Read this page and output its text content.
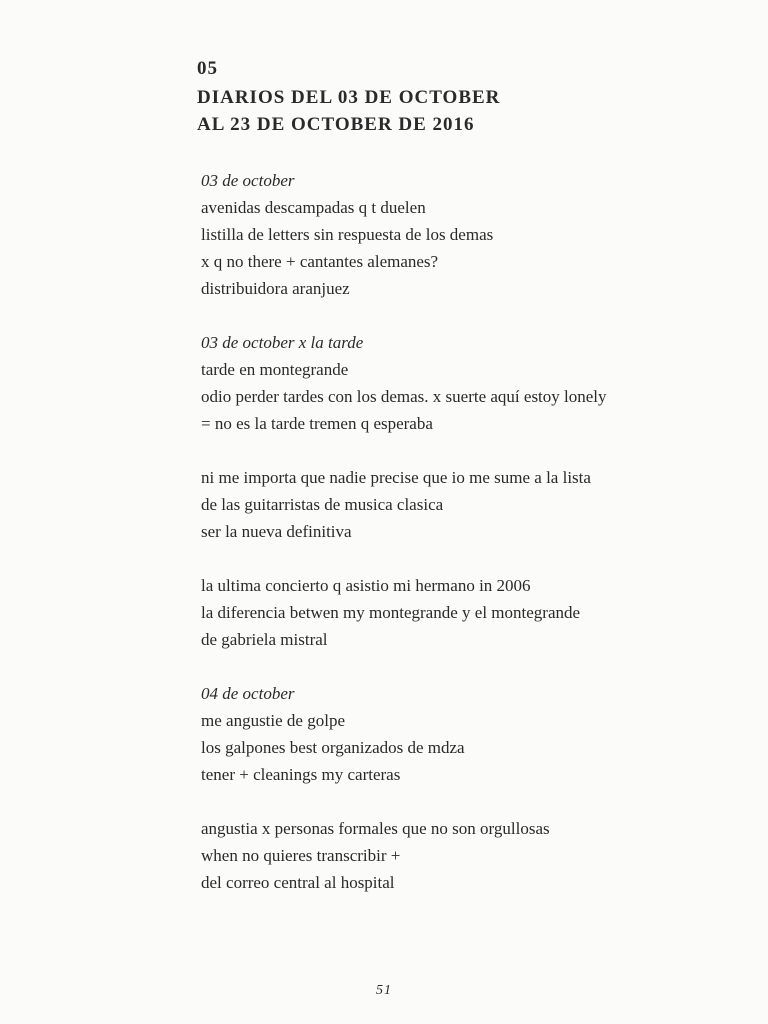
05
DIARIOS DEL 03 DE OCTOBER
AL 23 DE OCTOBER DE 2016
03 de october
avenidas descampadas q t duelen
listilla de letters sin respuesta de los demas
x q no there + cantantes alemanes?
distribuidora aranjuez
03 de october x la tarde
tarde en montegrande
odio perder tardes con los demas. x suerte aquí estoy lonely
= no es la tarde tremen q esperaba
ni me importa que nadie precise que io me sume a la lista
de las guitarristas de musica clasica
ser la nueva definitiva
la ultima concierto q asistio mi hermano in 2006
la diferencia betwen my montegrande y el montegrande
de gabriela mistral
04 de october
me angustie de golpe
los galpones best organizados de mdza
tener + cleanings my carteras
angustia x personas formales que no son orgullosas
when no quieres transcribir +
del correo central al hospital
51
